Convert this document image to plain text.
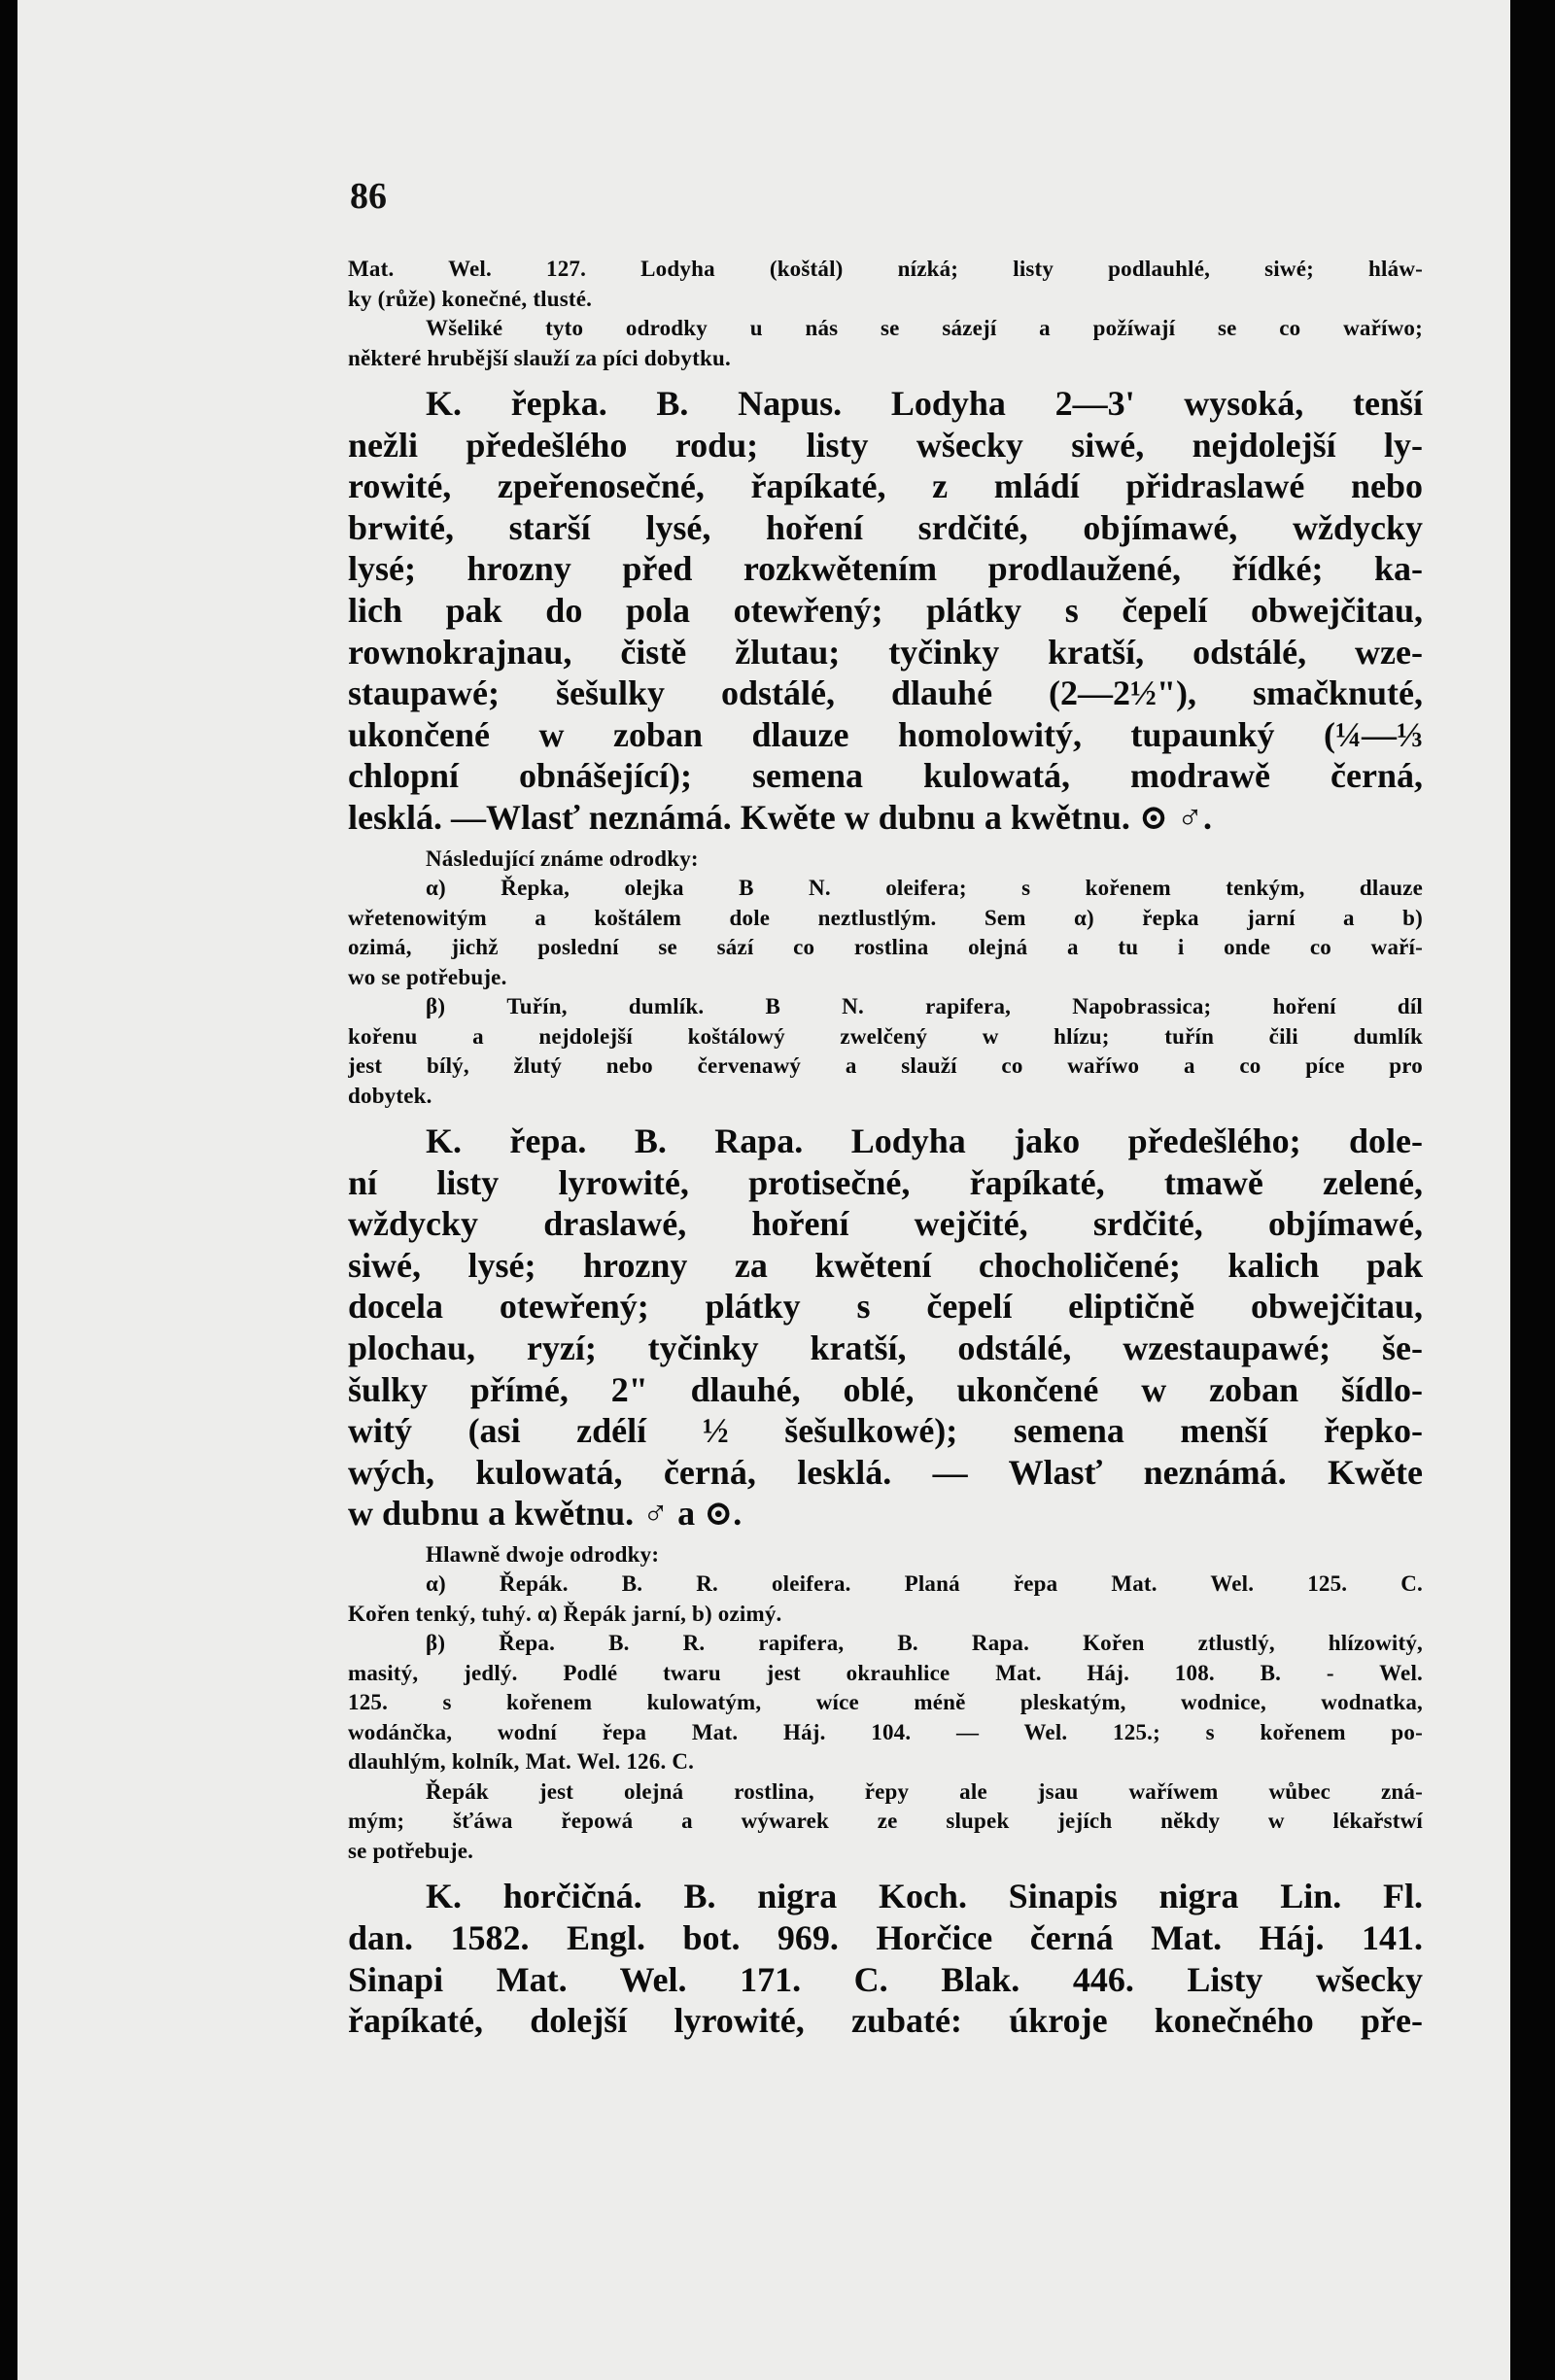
86
Mat. Wel. 127. Lodyha (koštál) nízká; listy podlauhlé, siwé; hláw-
ky (růže) konečné, tlusté.
Wšeliké tyto odrodky u nás se sázejí a požíwají se co waříwo;
některé hrubější slauží za píci dobytku.
K. řepka. B. Napus. Lodyha 2—3' wysoká, tenší
nežli předešlého rodu; listy wšecky siwé, nejdolejší ly-
rowité, zpeřenosečné, řapíkaté, z mládí přidraslawé nebo
brwité, starší lysé, hoření srdčité, objímawé, wždycky
lysé; hrozny před rozkwětením prodlaužené, řídké; ka-
lich pak do pola otewřený; plátky s čepelí obwejčitau,
rownokrajnau, čistě žlutau; tyčinky kratší, odstálé, wze-
staupawé; šešulky odstálé, dlauhé (2—2½"), smačknuté,
ukončené w zoban dlauze homolowitý, tupaunký (¼—⅓
chlopní obnášející); semena kulowatá, modrawě černá,
lesklá. —Wlasť neznámá. Kwěte w dubnu a kwětnu. ⊙ ♂.
Následující známe odrodky:
α) Řepka, olejka B N. oleifera; s kořenem tenkým, dlauze
wřetenowitým a koštálem dole neztlustlým. Sem α) řepka jarní a b)
ozimá, jichž poslední se sází co rostlina olejná a tu i onde co waří-
wo se potřebuje.
β) Tuřín, dumlík. B N. rapifera, Napobrassica; hoření díl
kořenu a nejdolejší koštálowý zwelčený w hlízu; tuřín čili dumlík
jest bílý, žlutý nebo červenawý a slauží co waříwo a co píce pro
dobytek.
K. řepa. B. Rapa. Lodyha jako předešlého; dole-
ní listy lyrowité, protisečné, řapíkaté, tmawě zelené,
wždycky draslawé, hoření wejčité, srdčité, objímawé,
siwé, lysé; hrozny za kwětení chocholičené; kalich pak
docela otewřený; plátky s čepelí eliptičně obwejčitau,
plochau, ryzí; tyčinky kratší, odstálé, wzestaupawé; še-
šulky přímé, 2" dlauhé, oblé, ukončené w zoban šídlo-
witý (asi zdélí ½ šešulkowé); semena menší řepko-
wých, kulowatá, černá, lesklá. — Wlasť neznámá. Kwěte
w dubnu a kwětnu. ♂ a ⊙.
Hlawně dwoje odrodky:
α) Řepák. B. R. oleifera. Planá řepa Mat. Wel. 125. C.
Kořen tenký, tuhý. α) Řepák jarní, b) ozimý.
β) Řepa. B. R. rapifera, B. Rapa. Kořen ztlustlý, hlízowitý,
masitý, jedlý. Podlé twaru jest okrauhlice Mat. Háj. 108. B. - Wel.
125. s kořenem kulowatým, wíce méně pleskatým, wodnice, wodnatka,
wodánčka, wodní řepa Mat. Háj. 104. — Wel. 125.; s kořenem po-
dlauhlým, kolník, Mat. Wel. 126. C.
Řepák jest olejná rostlina, řepy ale jsau waříwem wůbec zná-
mým; šťáwa řepowá a wýwarek ze slupek jejích někdy w lékařstwí
se potřebuje.
K. horčičná. B. nigra Koch. Sinapis nigra Lin. Fl.
dan. 1582. Engl. bot. 969. Horčice černá Mat. Háj. 141.
Sinapi Mat. Wel. 171. C. Blak. 446. Listy wšecky
řapíkaté, dolejší lyrowité, zubaté: úkroje konečného pře-
